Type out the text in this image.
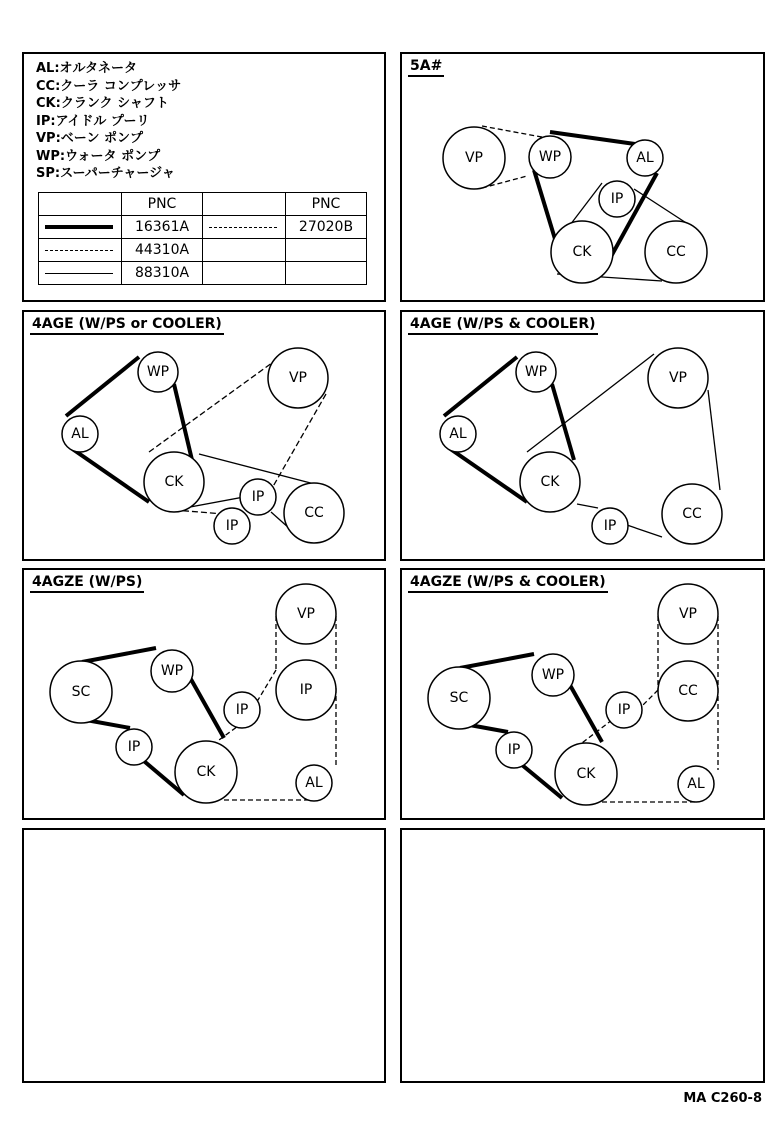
AL:オルタネータ
CC:クーラ コンプレッサ
CK:クランク シャフト
IP:アイドル プーリ
VP:ベーン ポンプ
WP:ウォータ ポンプ
SP:スーパーチャージャ
	PNC		PNC

	16361A		27020B

	44310A		

	88310A		
5A#
VP	WP	AL
IP
CK	CC
4AGE (W/PS or COOLER)
WP	VP
AL
CK
IP
CC
IP
4AGE (W/PS & COOLER)
WP	VP
AL
CK
IP
CC
4AGZE (W/PS)
VP
SC
WP
IP
IP
IP
CK
AL
4AGZE (W/PS & COOLER)
VP
SC
WP
CC
IP
IP
CK
AL
MA C260-8
